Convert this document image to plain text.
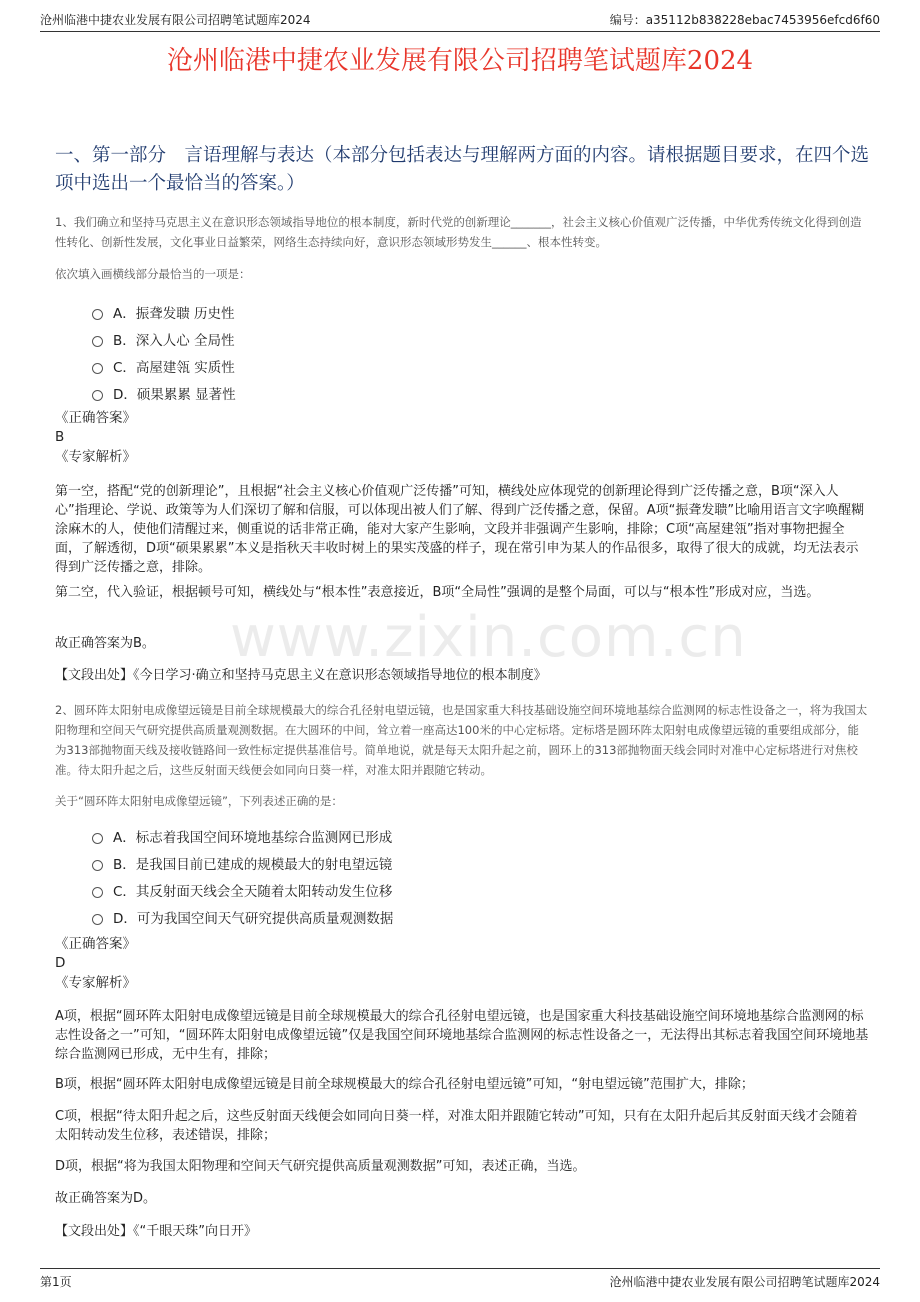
沧州临港中捷农业发展有限公司招聘笔试题库2024	编号：a35112b838228ebac7453956efcd6f60
沧州临港中捷农业发展有限公司招聘笔试题库2024
一、第一部分　言语理解与表达（本部分包括表达与理解两方面的内容。请根据题目要求，在四个选项中选出一个最恰当的答案。）
www.zixin.com.cn
1、我们确立和坚持马克思主义在意识形态领域指导地位的根本制度，新时代党的创新理论_______，社会主义核心价值观广泛传播，中华优秀传统文化得到创造性转化、创新性发展，文化事业日益繁荣，网络生态持续向好，意识形态领域形势发生______、根本性转变。
依次填入画横线部分最恰当的一项是：
A．振聋发聩 历史性
B．深入人心 全局性
C．高屋建瓴 实质性
D．硕果累累 显著性
《正确答案》
B
《专家解析》
第一空，搭配“党的创新理论”，且根据“社会主义核心价值观广泛传播”可知，横线处应体现党的创新理论得到广泛传播之意，B项“深入人心”指理论、学说、政策等为人们深切了解和信服，可以体现出被人们了解、得到广泛传播之意，保留。A项“振聋发聩”比喻用语言文字唤醒糊涂麻木的人，使他们清醒过来，侧重说的话非常正确，能对大家产生影响，文段并非强调产生影响，排除；C项“高屋建瓴”指对事物把握全面，了解透彻，D项“硕果累累”本义是指秋天丰收时树上的果实茂盛的样子，现在常引申为某人的作品很多，取得了很大的成就，均无法表示得到广泛传播之意，排除。
第二空，代入验证，根据顿号可知，横线处与“根本性”表意接近，B项“全局性”强调的是整个局面，可以与“根本性”形成对应，当选。
故正确答案为B。
【文段出处】《今日学习·确立和坚持马克思主义在意识形态领域指导地位的根本制度》
2、圆环阵太阳射电成像望远镜是目前全球规模最大的综合孔径射电望远镜，也是国家重大科技基础设施空间环境地基综合监测网的标志性设备之一，将为我国太阳物理和空间天气研究提供高质量观测数据。在大圆环的中间，耸立着一座高达100米的中心定标塔。定标塔是圆环阵太阳射电成像望远镜的重要组成部分，能为313部抛物面天线及接收链路间一致性标定提供基准信号。简单地说，就是每天太阳升起之前，圆环上的313部抛物面天线会同时对准中心定标塔进行对焦校准。待太阳升起之后，这些反射面天线便会如同向日葵一样，对准太阳并跟随它转动。
关于“圆环阵太阳射电成像望远镜”，下列表述正确的是：
A．标志着我国空间环境地基综合监测网已形成
B．是我国目前已建成的规模最大的射电望远镜
C．其反射面天线会全天随着太阳转动发生位移
D．可为我国空间天气研究提供高质量观测数据
《正确答案》
D
《专家解析》
A项，根据“圆环阵太阳射电成像望远镜是目前全球规模最大的综合孔径射电望远镜，也是国家重大科技基础设施空间环境地基综合监测网的标志性设备之一”可知，“圆环阵太阳射电成像望远镜”仅是我国空间环境地基综合监测网的标志性设备之一，无法得出其标志着我国空间环境地基综合监测网已形成，无中生有，排除；
B项，根据“圆环阵太阳射电成像望远镜是目前全球规模最大的综合孔径射电望远镜”可知，“射电望远镜”范围扩大，排除；
C项，根据“待太阳升起之后，这些反射面天线便会如同向日葵一样，对准太阳并跟随它转动”可知，只有在太阳升起后其反射面天线才会随着太阳转动发生位移，表述错误，排除；
D项，根据“将为我国太阳物理和空间天气研究提供高质量观测数据”可知，表述正确，当选。
故正确答案为D。
【文段出处】《“千眼天珠”向日开》
第1页	沧州临港中捷农业发展有限公司招聘笔试题库2024
